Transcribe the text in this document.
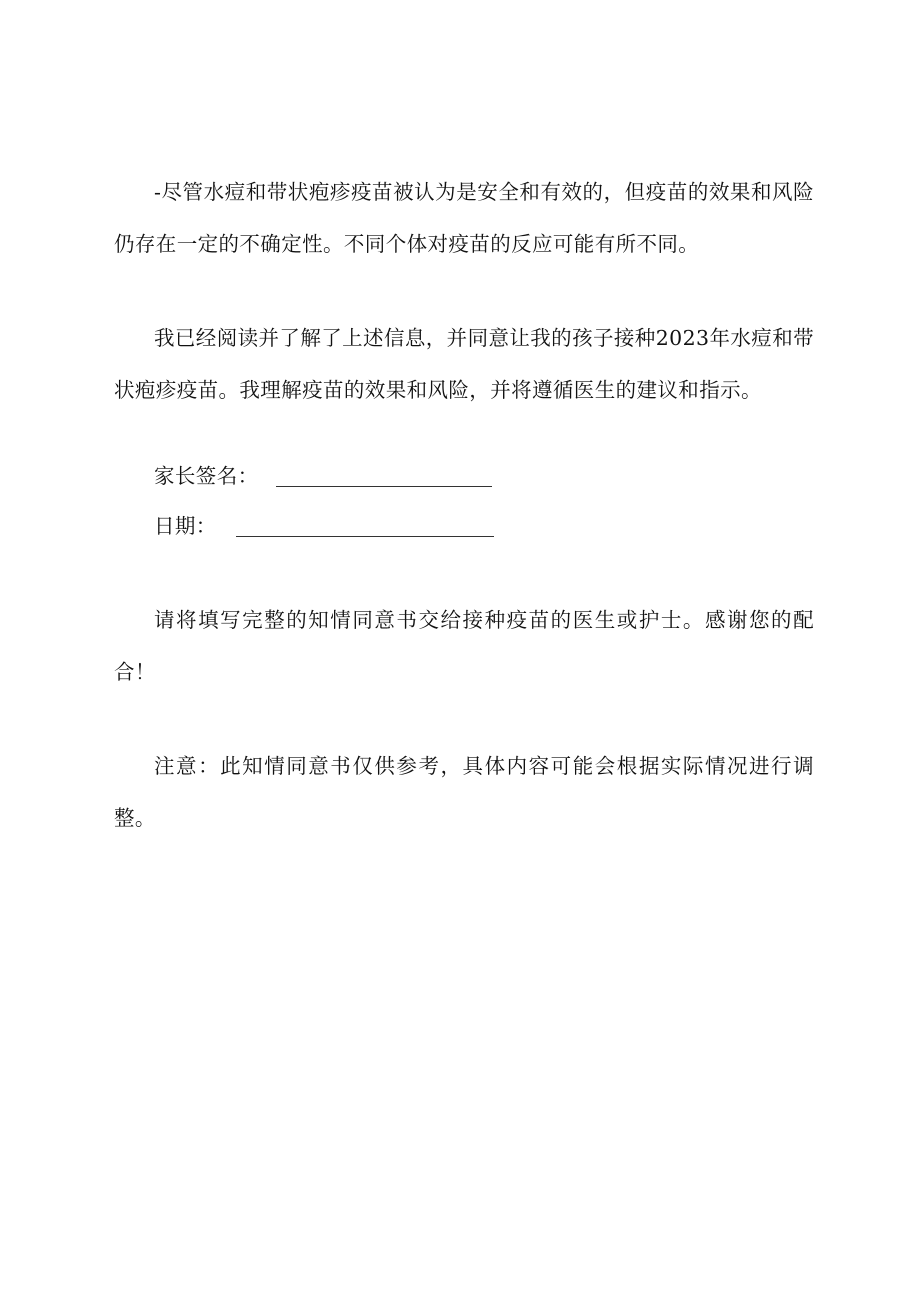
-尽管水痘和带状疱疹疫苗被认为是安全和有效的，但疫苗的效果和风险仍存在一定的不确定性。不同个体对疫苗的反应可能有所不同。

我已经阅读并了解了上述信息，并同意让我的孩子接种2023年水痘和带状疱疹疫苗。我理解疫苗的效果和风险，并将遵循医生的建议和指示。

家长签名：
日期：

请将填写完整的知情同意书交给接种疫苗的医生或护士。感谢您的配合！

注意：此知情同意书仅供参考，具体内容可能会根据实际情况进行调整。
